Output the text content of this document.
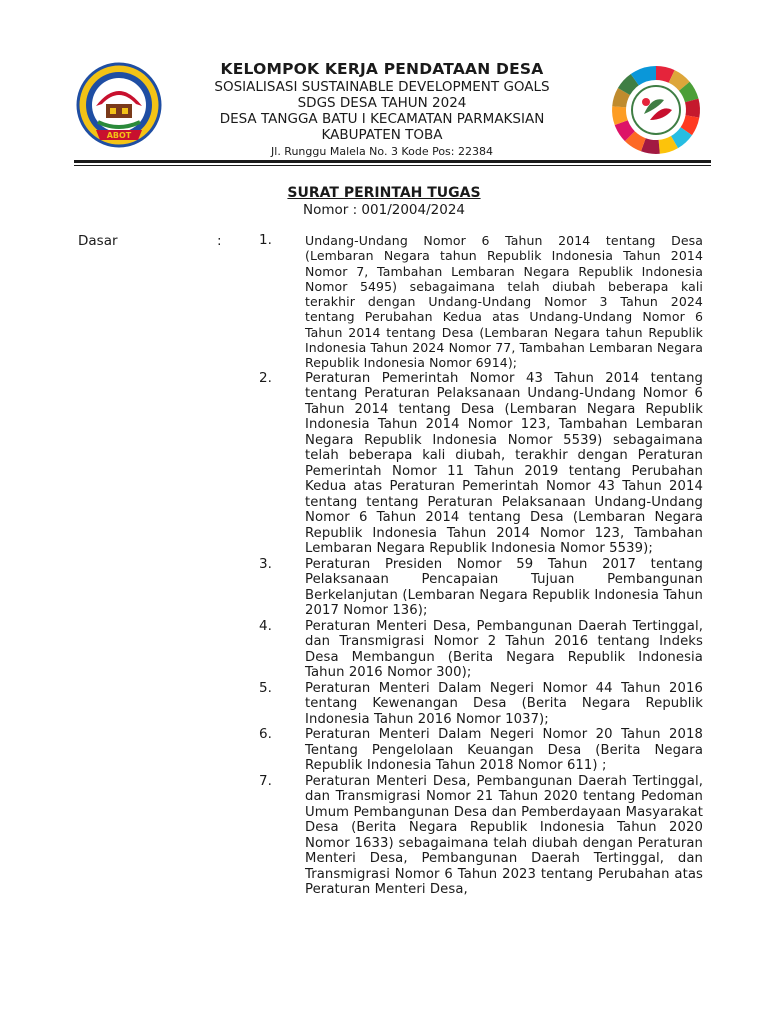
ABOT
KELOMPOK KERJA PENDATAAN DESA
SOSIALISASI SUSTAINABLE DEVELOPMENT GOALS
SDGS DESA TAHUN 2024
DESA TANGGA BATU I KECAMATAN PARMAKSIAN
KABUPATEN TOBA
Jl. Runggu Malela No. 3 Kode Pos: 22384
SURAT PERINTAH TUGAS
Nomor : 001/2004/2024
Dasar	:	1.	Undang-Undang Nomor 6 Tahun 2014 tentang Desa (Lembaran Negara tahun Republik Indonesia Tahun 2014 Nomor 7, Tambahan Lembaran Negara Republik Indonesia Nomor 5495) sebagaimana telah diubah beberapa kali terakhir dengan Undang-Undang Nomor 3 Tahun 2024 tentang Perubahan Kedua atas Undang-Undang Nomor 6 Tahun 2014 tentang Desa (Lembaran Negara tahun Republik Indonesia Tahun 2024 Nomor 77, Tambahan Lembaran Negara Republik Indonesia Nomor 6914);
2.	Peraturan Pemerintah Nomor 43 Tahun 2014 tentang tentang Peraturan Pelaksanaan Undang-Undang Nomor 6 Tahun 2014 tentang Desa (Lembaran Negara Republik Indonesia Tahun 2014 Nomor 123, Tambahan Lembaran Negara Republik Indonesia Nomor 5539) sebagaimana telah beberapa kali diubah, terakhir dengan Peraturan Pemerintah Nomor 11 Tahun 2019 tentang Perubahan Kedua atas Peraturan Pemerintah Nomor 43 Tahun 2014 tentang tentang Peraturan Pelaksanaan Undang-Undang Nomor 6 Tahun 2014 tentang Desa (Lembaran Negara Republik Indonesia Tahun 2014 Nomor 123, Tambahan Lembaran Negara Republik Indonesia Nomor 5539);
3.	Peraturan Presiden Nomor 59 Tahun 2017 tentang Pelaksanaan Pencapaian Tujuan Pembangunan Berkelanjutan (Lembaran Negara Republik Indonesia Tahun 2017 Nomor 136);
4.	Peraturan Menteri Desa, Pembangunan Daerah Tertinggal, dan Transmigrasi Nomor 2 Tahun 2016 tentang Indeks Desa Membangun (Berita Negara Republik Indonesia Tahun 2016 Nomor 300);
5.	Peraturan Menteri Dalam Negeri Nomor 44 Tahun 2016 tentang Kewenangan Desa (Berita Negara Republik Indonesia Tahun 2016 Nomor 1037);
6.	Peraturan Menteri Dalam Negeri Nomor 20 Tahun 2018 Tentang Pengelolaan Keuangan Desa (Berita Negara Republik Indonesia Tahun 2018 Nomor 611) ;
7.	Peraturan Menteri Desa, Pembangunan Daerah Tertinggal, dan Transmigrasi Nomor 21 Tahun 2020 tentang Pedoman Umum Pembangunan Desa dan Pemberdayaan Masyarakat Desa (Berita Negara Republik Indonesia Tahun 2020 Nomor 1633) sebagaimana telah diubah dengan Peraturan Menteri Desa, Pembangunan Daerah Tertinggal, dan Transmigrasi Nomor 6 Tahun 2023 tentang Perubahan atas Peraturan Menteri Desa,
